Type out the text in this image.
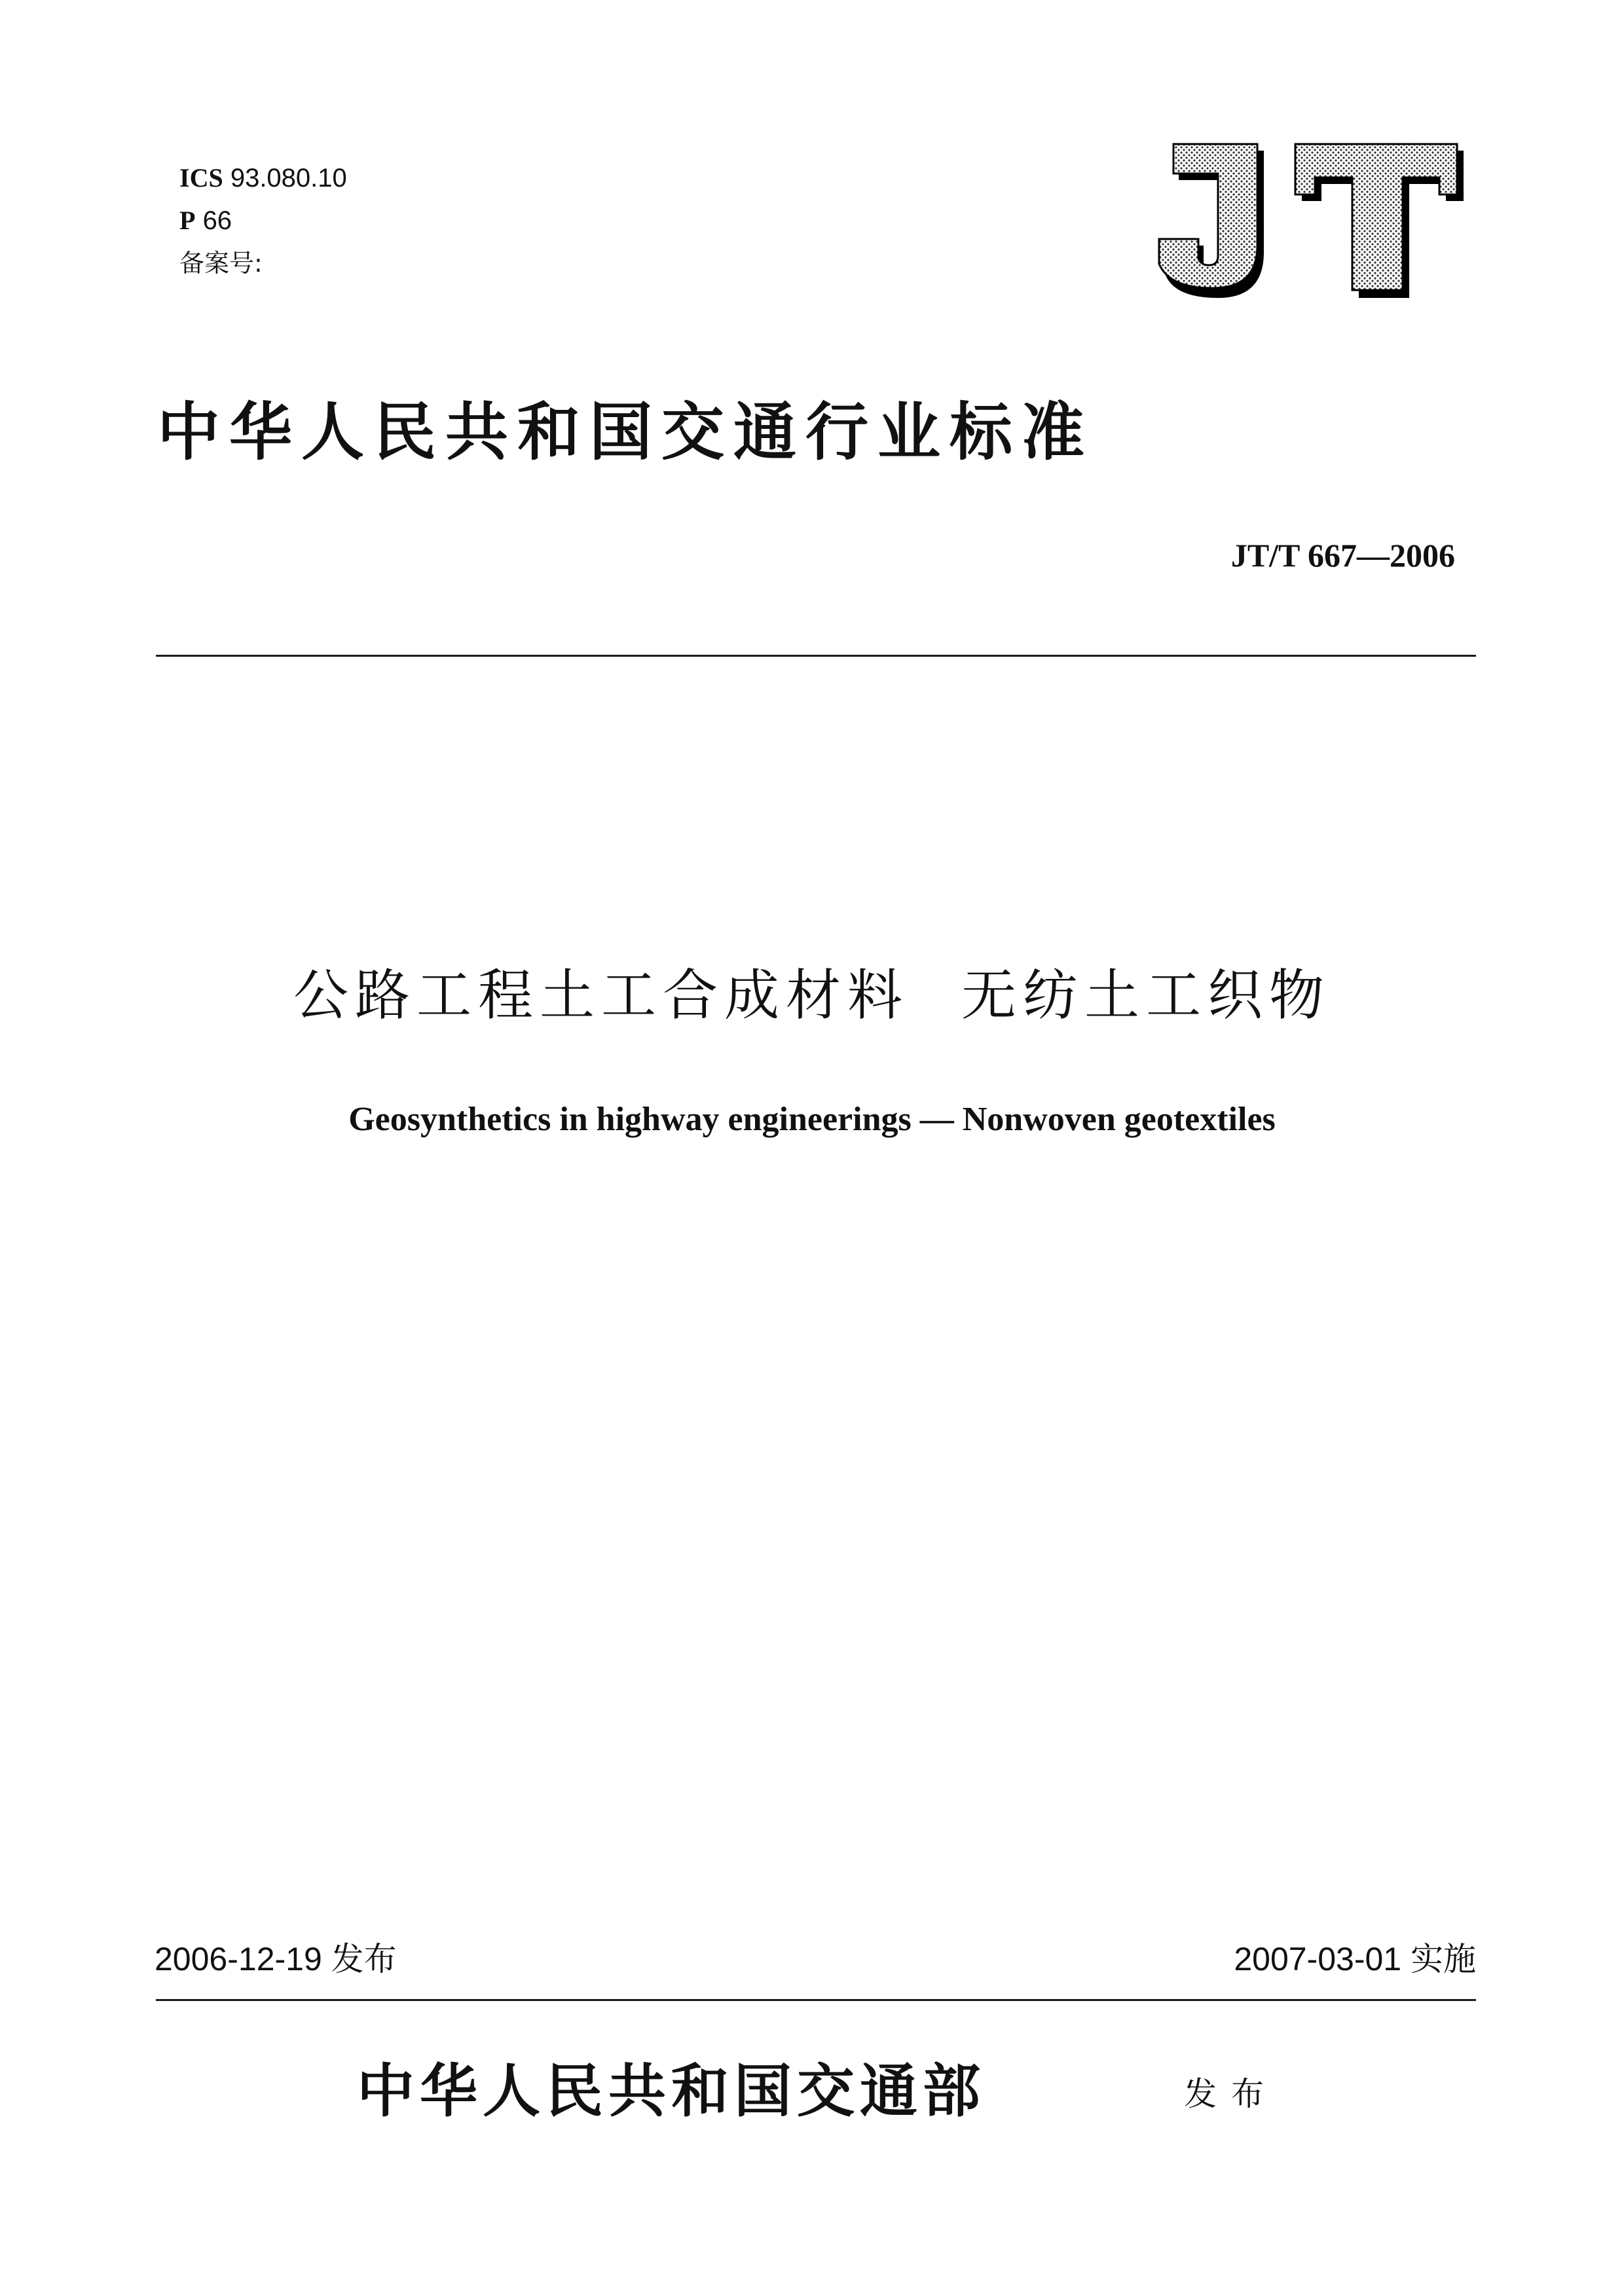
ICS 93.080.10
P 66
备案号:
中华人民共和国交通行业标准
JT/T 667—2006
公路工程土工合成材料 无纺土工织物
Geosynthetics in highway engineerings — Nonwoven geotextiles
2006-12-19 发布	2007-03-01 实施
中华人民共和国交通部	发布
